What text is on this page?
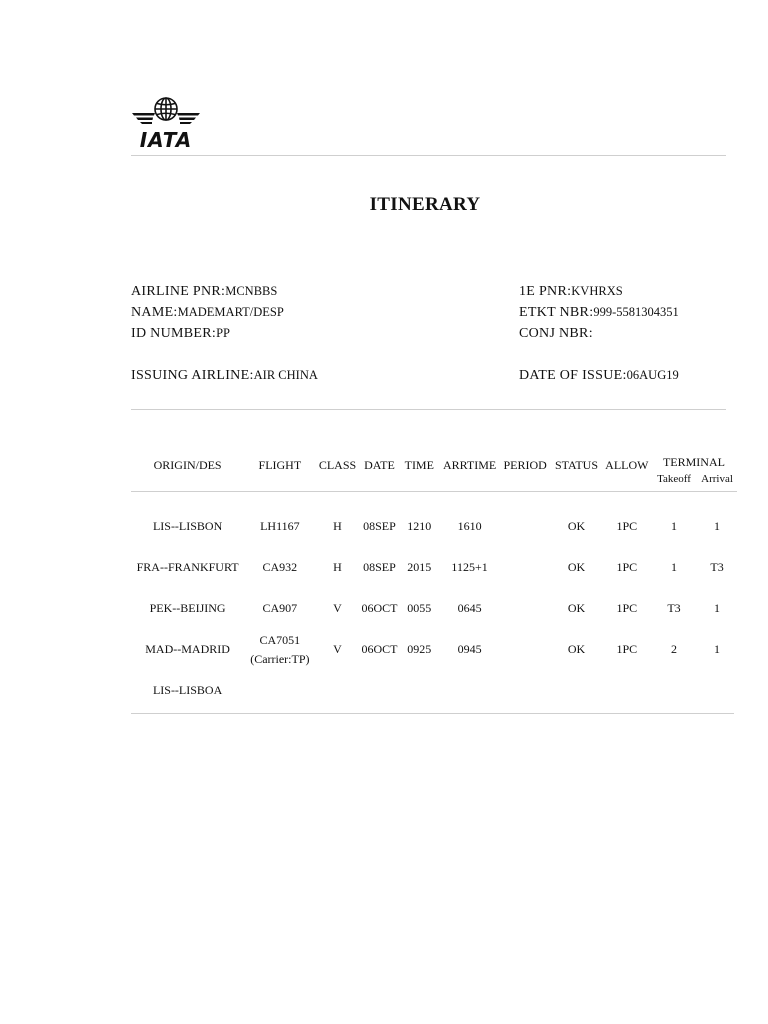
IATA
ITINERARY
AIRLINE PNR:MCNBBS
NAME:MADEMART/DESP
ID NUMBER:PP
ISSUING AIRLINE:AIR CHINA
1E PNR:KVHRXS
ETKT NBR:999-5581304351
CONJ NBR:
DATE OF ISSUE:06AUG19
ORIGIN/DES	FLIGHT	CLASS	DATE	TIME	ARRTIME	PERIOD	STATUS	ALLOW	TERMINAL	
									Takeoff	Arrival

LIS--LISBON	LH1167	H	08SEP	1210	1610		OK	1PC	1	1
FRA--FRANKFURT	CA932	H	08SEP	2015	1125+1		OK	1PC	1	T3
PEK--BEIJING	CA907	V	06OCT	0055	0645		OK	1PC	T3	1
MAD--MADRID	CA7051
(Carrier:TP)	V	06OCT	0925	0945		OK	1PC	2	1
LIS--LISBOA										
